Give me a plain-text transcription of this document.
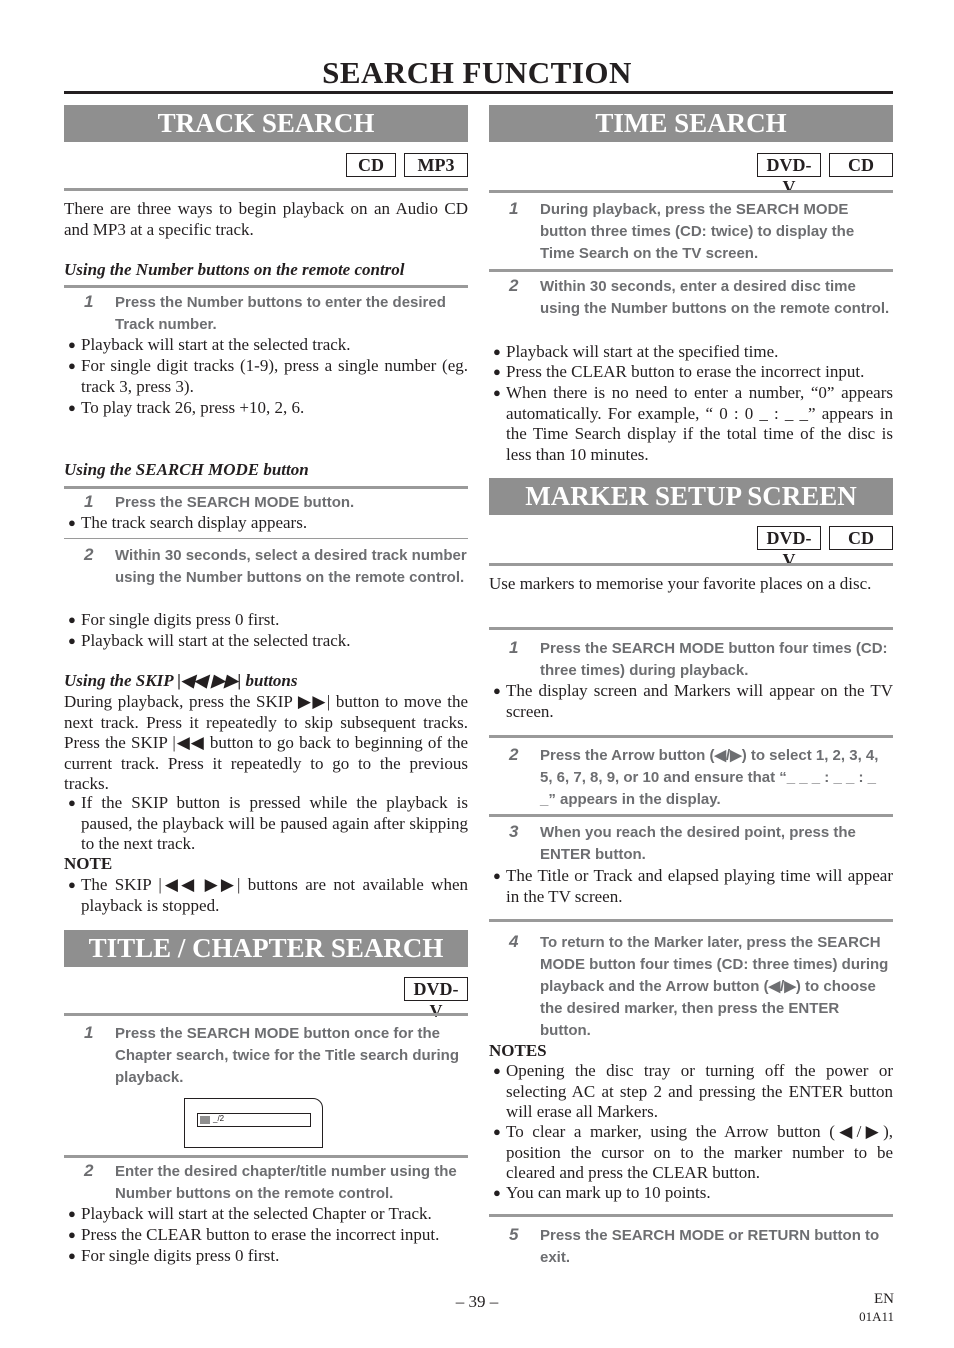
SEARCH FUNCTION
TRACK SEARCH
CD	MP3
There are three ways to begin playback on an Audio CD and MP3 at a specific track.
Using the Number buttons on the remote control
1 Press the Number buttons to enter the desired Track number.
● Playback will start at the selected track.
● For single digit tracks (1-9), press a single number (eg. track 3, press 3).
● To play track 26, press +10, 2, 6.
Using the SEARCH MODE button
1 Press the SEARCH MODE button.
● The track search display appears.
2 Within 30 seconds, select a desired track number using the Number buttons on the remote control.
● For single digits press 0 first.
● Playback will start at the selected track.
Using the SKIP |◀◀ ▶▶| buttons
During playback, press the SKIP ▶▶| button to move the next track. Press it repeatedly to skip subsequent tracks. Press the SKIP |◀◀ button to go back to beginning of the current track. Press it repeatedly to go to the previous tracks.
● If the SKIP button is pressed while the playback is paused, the playback will be paused again after skipping to the next track.
NOTE
● The SKIP |◀◀ ▶▶| buttons are not available when playback is stopped.
TITLE / CHAPTER SEARCH
DVD-V
1 Press the SEARCH MODE button once for the Chapter search, twice for the Title search during playback.
_/2
2 Enter the desired chapter/title number using the Number buttons on the remote control.
● Playback will start at the selected Chapter or Track.
● Press the CLEAR button to erase the incorrect input.
● For single digits press 0 first.
TIME SEARCH
DVD-V
CD
1 During playback, press the SEARCH MODE button three times (CD: twice) to display the Time Search on the TV screen.
2 Within 30 seconds, enter a desired disc time using the Number buttons on the remote control.
● Playback will start at the specified time.
● Press the CLEAR button to erase the incorrect input.
● When there is no need to enter a number, “0” appears automatically. For example, “ 0 : 0 _ : _ _” appears in the Time Search display if the total time of the disc is less than 10 minutes.
MARKER SETUP SCREEN
DVD-V
CD
Use markers to memorise your favorite places on a disc.
1 Press the SEARCH MODE button four times (CD: three times) during playback.
● The display screen and Markers will appear on the TV screen.
2 Press the Arrow button (◀/▶) to select 1, 2, 3, 4, 5, 6, 7, 8, 9, or 10 and ensure that “_ _ _ : _ _ : _ _” appears in the display.
3 When you reach the desired point, press the ENTER button.
● The Title or Track and elapsed playing time will appear in the TV screen.
4 To return to the Marker later, press the SEARCH MODE button four times (CD: three times) during playback and the Arrow button (◀/▶) to choose the desired marker, then press the ENTER button.
NOTES
● Opening the disc tray or turning off the power or selecting AC at step 2 and pressing the ENTER button will erase all Markers.
● To clear a marker, using the Arrow button (◀/▶), position the cursor on to the marker number to be cleared and press the CLEAR button.
● You can mark up to 10 points.
5 Press the SEARCH MODE or RETURN button to exit.
– 39 –	EN
01A11
